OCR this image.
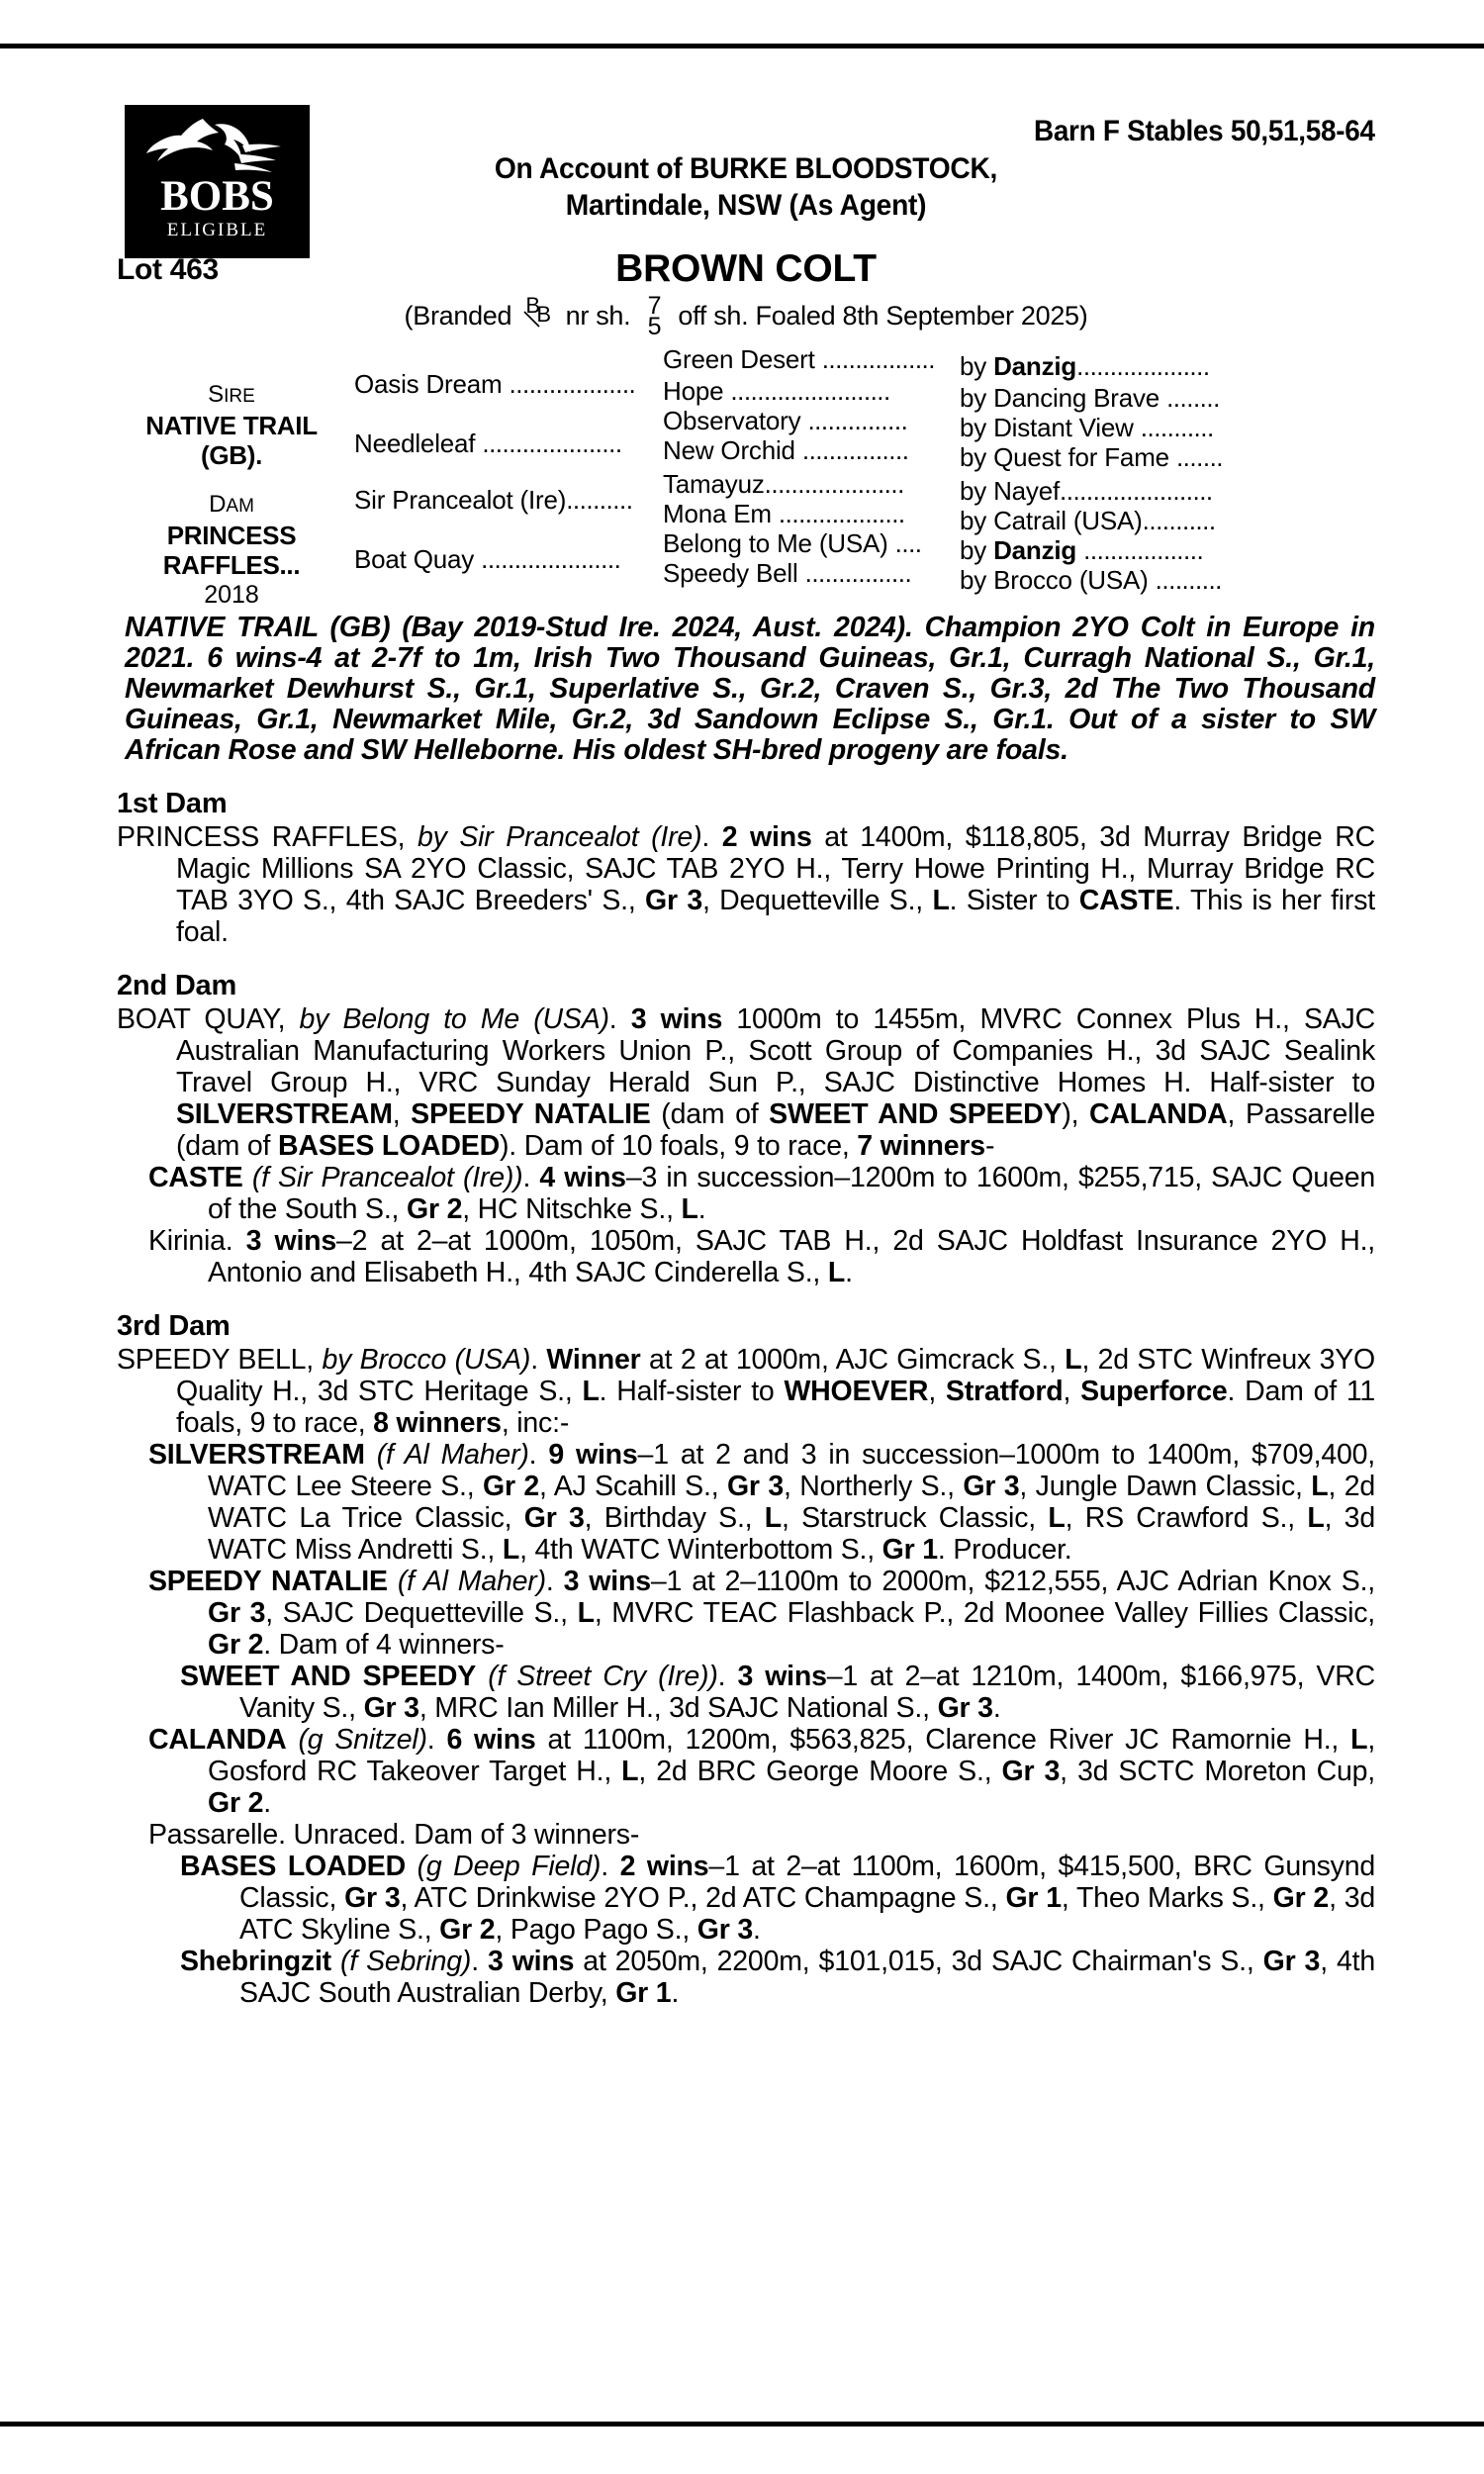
BOBS
ELIGIBLE
Barn F Stables 50,51,58-64
On Account of BURKE BLOODSTOCK,
Martindale, NSW (As Agent)
Lot 463	BROWN COLT
(Branded B
B nr sh. 7
5 off sh. Foaled 8th September 2025)
SIRE
NATIVE TRAIL (GB).
DAM
PRINCESS RAFFLES...
2018
Oasis Dream ...................
Needleleaf .....................
Sir Prancealot (Ire)..........
Boat Quay .....................
Green Desert ................. by Danzig....................
Hope ........................	by Dancing Brave ........
Observatory ............... by Distant View ...........
New Orchid ................ by Quest for Fame .......
Tamayuz..................... by Nayef.......................
Mona Em ................... by Catrail (USA)...........
Belong to Me (USA) .... by Danzig ..................
Speedy Bell ................ by Brocco (USA) ..........
NATIVE TRAIL (GB) (Bay 2019-Stud Ire. 2024, Aust. 2024). Champion 2YO Colt in Europe in 2021. 6 wins-4 at 2-7f to 1m, Irish Two Thousand Guineas, Gr.1, Curragh National S., Gr.1, Newmarket Dewhurst S., Gr.1, Superlative S., Gr.2, Craven S., Gr.3, 2d The Two Thousand Guineas, Gr.1, Newmarket Mile, Gr.2, 3d Sandown Eclipse S., Gr.1. Out of a sister to SW African Rose and SW Helleborne. His oldest SH-bred progeny are foals.
1st Dam
PRINCESS RAFFLES, by Sir Prancealot (Ire). 2 wins at 1400m, $118,805, 3d Murray Bridge RC Magic Millions SA 2YO Classic, SAJC TAB 2YO H., Terry Howe Printing H., Murray Bridge RC TAB 3YO S., 4th SAJC Breeders' S., Gr 3, Dequetteville S., L. Sister to CASTE. This is her first foal.
2nd Dam
BOAT QUAY, by Belong to Me (USA). 3 wins 1000m to 1455m, MVRC Connex Plus H., SAJC Australian Manufacturing Workers Union P., Scott Group of Companies H., 3d SAJC Sealink Travel Group H., VRC Sunday Herald Sun P., SAJC Distinctive Homes H. Half-sister to SILVERSTREAM, SPEEDY NATALIE (dam of SWEET AND SPEEDY), CALANDA, Passarelle (dam of BASES LOADED). Dam of 10 foals, 9 to race, 7 winners-
CASTE (f Sir Prancealot (Ire)). 4 wins–3 in succession–1200m to 1600m, $255,715, SAJC Queen of the South S., Gr 2, HC Nitschke S., L.
Kirinia. 3 wins–2 at 2–at 1000m, 1050m, SAJC TAB H., 2d SAJC Holdfast Insurance 2YO H., Antonio and Elisabeth H., 4th SAJC Cinderella S., L.
3rd Dam
SPEEDY BELL, by Brocco (USA). Winner at 2 at 1000m, AJC Gimcrack S., L, 2d STC Winfreux 3YO Quality H., 3d STC Heritage S., L. Half-sister to WHOEVER, Stratford, Superforce. Dam of 11 foals, 9 to race, 8 winners, inc:-
SILVERSTREAM (f Al Maher). 9 wins–1 at 2 and 3 in succession–1000m to 1400m, $709,400, WATC Lee Steere S., Gr 2, AJ Scahill S., Gr 3, Northerly S., Gr 3, Jungle Dawn Classic, L, 2d WATC La Trice Classic, Gr 3, Birthday S., L, Starstruck Classic, L, RS Crawford S., L, 3d WATC Miss Andretti S., L, 4th WATC Winterbottom S., Gr 1. Producer.
SPEEDY NATALIE (f Al Maher). 3 wins–1 at 2–1100m to 2000m, $212,555, AJC Adrian Knox S., Gr 3, SAJC Dequetteville S., L, MVRC TEAC Flashback P., 2d Moonee Valley Fillies Classic, Gr 2. Dam of 4 winners-
SWEET AND SPEEDY (f Street Cry (Ire)). 3 wins–1 at 2–at 1210m, 1400m, $166,975, VRC Vanity S., Gr 3, MRC Ian Miller H., 3d SAJC National S., Gr 3.
CALANDA (g Snitzel). 6 wins at 1100m, 1200m, $563,825, Clarence River JC Ramornie H., L, Gosford RC Takeover Target H., L, 2d BRC George Moore S., Gr 3, 3d SCTC Moreton Cup, Gr 2.
Passarelle. Unraced. Dam of 3 winners-
BASES LOADED (g Deep Field). 2 wins–1 at 2–at 1100m, 1600m, $415,500, BRC Gunsynd Classic, Gr 3, ATC Drinkwise 2YO P., 2d ATC Champagne S., Gr 1, Theo Marks S., Gr 2, 3d ATC Skyline S., Gr 2, Pago Pago S., Gr 3.
Shebringzit (f Sebring). 3 wins at 2050m, 2200m, $101,015, 3d SAJC Chairman's S., Gr 3, 4th SAJC South Australian Derby, Gr 1.
